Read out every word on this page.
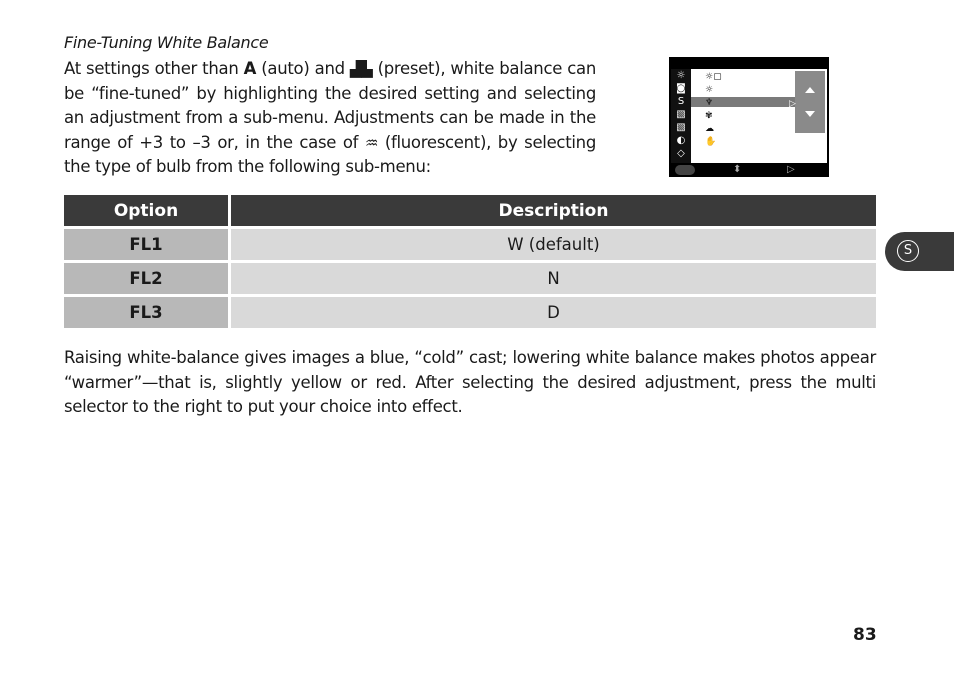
Fine-Tuning White Balance
At settings other than A (auto) and ▟▙ (preset), white balance can be “fine-tuned” by highlighting the desired setting and selecting an adjustment from a sub-menu. Adjustments can be made in the range of +3 to –3 or, in the case of ♒ (fluorescent), by selecting the type of bulb from the following sub-menu:
☼
◙
S
▧
▧
◐
◇
☼▢
☼
♆
✾
☁
✋
▷
⬍	▷
Option	Description
FL1	W (default)
FL2	N
FL3	D
Raising white-balance gives images a blue, “cold” cast; lowering white balance makes photos appear “warmer”—that is, slightly yellow or red. After selecting the desired adjustment, press the multi selector to the right to put your choice into effect.
S
83
